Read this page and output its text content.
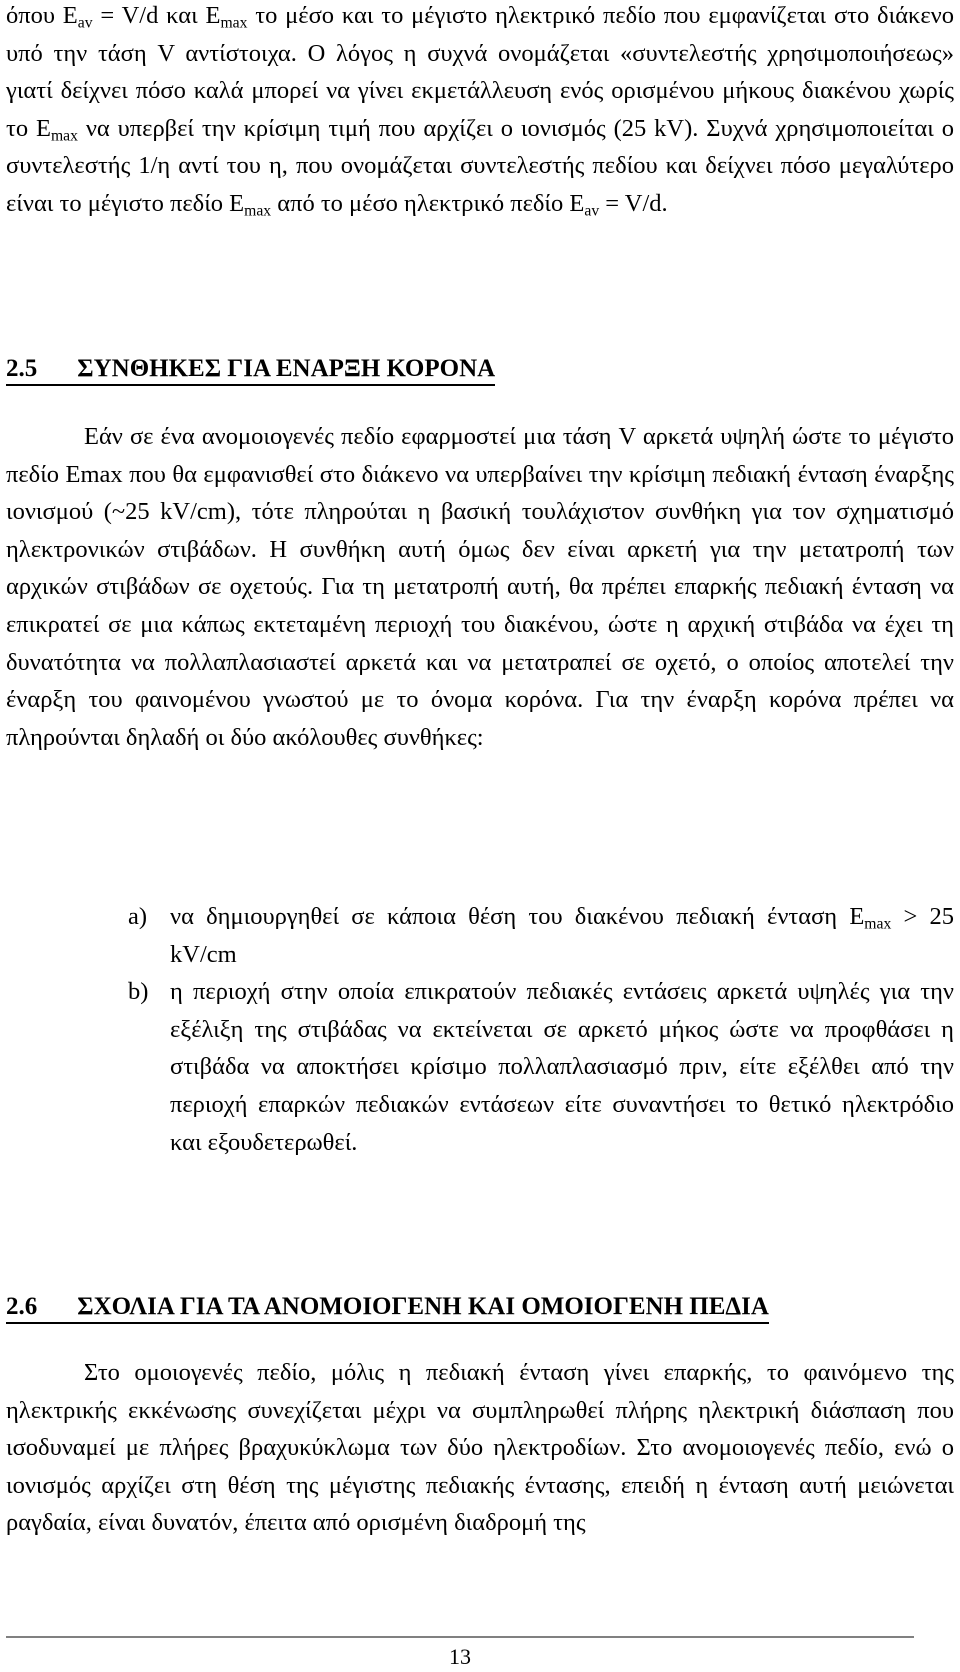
όπου $E_{av} = V/d$ και $E_{max}$ το μέσο και το μέγιστο ηλεκτρικό πεδίο που εμφανίζεται στο διάκενο υπό την τάση V αντίστοιχα. Ο λόγος η συχνά ονομάζεται «συντελεστής χρησιμοποιήσεως» γιατί δείχνει πόσο καλά μπορεί να γίνει εκμετάλλευση ενός ορισμένου μήκους διακένου χωρίς το $E_{max}$ να υπερβεί την κρίσιμη τιμή που αρχίζει ο ιονισμός (25 kV). Συχνά χρησιμοποιείται ο συντελεστής 1/η αντί του η, που ονομάζεται συντελεστής πεδίου και δείχνει πόσο μεγαλύτερο είναι το μέγιστο πεδίο $E_{max}$ από το μέσο ηλεκτρικό πεδίο $E_{av} = V/d$.

2.5 ΣΥΝΘΗΚΕΣ ΓΙΑ ΕΝΑΡΞΗ ΚΟΡΟΝΑ

Εάν σε ένα ανομοιογενές πεδίο εφαρμοστεί μια τάση V αρκετά υψηλή ώστε το μέγιστο πεδίο Emax που θα εμφανισθεί στο διάκενο να υπερβαίνει την κρίσιμη πεδιακή ένταση έναρξης ιονισμού (~25 kV/cm), τότε πληρούται η βασική τουλάχιστον συνθήκη για τον σχηματισμό ηλεκτρονικών στιβάδων. Η συνθήκη αυτή όμως δεν είναι αρκετή για την μετατροπή των αρχικών στιβάδων σε οχετούς. Για τη μετατροπή αυτή, θα πρέπει επαρκής πεδιακή ένταση να επικρατεί σε μια κάπως εκτεταμένη περιοχή του διακένου, ώστε η αρχική στιβάδα να έχει τη δυνατότητα να πολλαπλασιαστεί αρκετά και να μετατραπεί σε οχετό, ο οποίος αποτελεί την έναρξη του φαινομένου γνωστού με το όνομα κορόνα. Για την έναρξη κορόνα πρέπει να πληρούνται δηλαδή οι δύο ακόλουθες συνθήκες:

a) να δημιουργηθεί σε κάποια θέση του διακένου πεδιακή ένταση $E_{max} > 25$ kV/cm
b) η περιοχή στην οποία επικρατούν πεδιακές εντάσεις αρκετά υψηλές για την εξέλιξη της στιβάδας να εκτείνεται σε αρκετό μήκος ώστε να προφθάσει η στιβάδα να αποκτήσει κρίσιμο πολλαπλασιασμό πριν, είτε εξέλθει από την περιοχή επαρκών πεδιακών εντάσεων είτε συναντήσει το θετικό ηλεκτρόδιο και εξουδετερωθεί.
2.6 ΣΧΟΛΙΑ ΓΙΑ ΤΑ ΑΝΟΜΟΙΟΓΕΝΗ ΚΑΙ ΟΜΟΙΟΓΕΝΗ ΠΕΔΙΑ

Στο ομοιογενές πεδίο, μόλις η πεδιακή ένταση γίνει επαρκής, το φαινόμενο της ηλεκτρικής εκκένωσης συνεχίζεται μέχρι να συμπληρωθεί πλήρης ηλεκτρική διάσπαση που ισοδυναμεί με πλήρες βραχυκύκλωμα των δύο ηλεκτροδίων. Στο ανομοιογενές πεδίο, ενώ ο ιονισμός αρχίζει στη θέση της μέγιστης πεδιακής έντασης, επειδή η ένταση αυτή μειώνεται ραγδαία, είναι δυνατόν, έπειτα από ορισμένη διαδρομή της

13
